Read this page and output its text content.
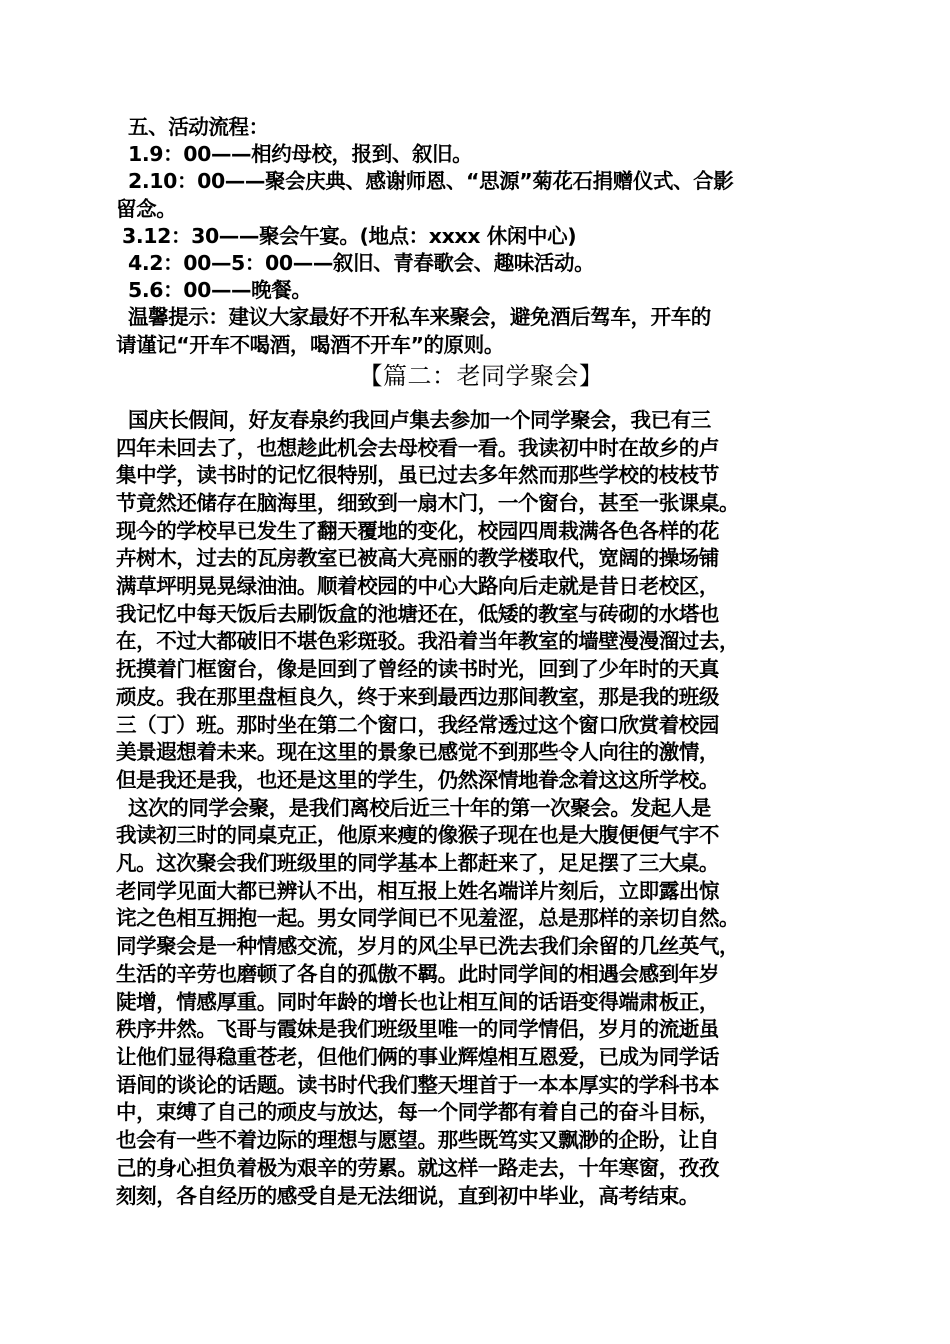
五、活动流程：

1.9：00——相约母校，报到、叙旧。

2.10：00——聚会庆典、感谢师恩、“思源”菊花石捐赠仪式、合影

留念。

3.12：30——聚会午宴。(地点：xxxx 休闲中心)

4.2：00—5：00——叙旧、青春歌会、趣味活动。

5.6：00——晚餐。

温馨提示：建议大家最好不开私车来聚会，避免酒后驾车，开车的

请谨记“开车不喝酒，喝酒不开车”的原则。

【篇二：老同学聚会】

国庆长假间，好友春泉约我回卢集去参加一个同学聚会，我已有三

四年未回去了，也想趁此机会去母校看一看。我读初中时在故乡的卢

集中学，读书时的记忆很特别，虽已过去多年然而那些学校的枝枝节

节竟然还储存在脑海里，细致到一扇木门，一个窗台，甚至一张课桌。

现今的学校早已发生了翻天覆地的变化，校园四周栽满各色各样的花

卉树木，过去的瓦房教室已被高大亮丽的教学楼取代，宽阔的操场铺

满草坪明晃晃绿油油。顺着校园的中心大路向后走就是昔日老校区，

我记忆中每天饭后去刷饭盒的池塘还在，低矮的教室与砖砌的水塔也

在，不过大都破旧不堪色彩斑驳。我沿着当年教室的墙壁漫漫溜过去，

抚摸着门框窗台，像是回到了曾经的读书时光，回到了少年时的天真

顽皮。我在那里盘桓良久，终于来到最西边那间教室，那是我的班级

三（丁）班。那时坐在第二个窗口，我经常透过这个窗口欣赏着校园

美景遐想着未来。现在这里的景象已感觉不到那些令人向往的激情，

但是我还是我，也还是这里的学生，仍然深情地眷念着这这所学校。

这次的同学会聚，是我们离校后近三十年的第一次聚会。发起人是

我读初三时的同桌克正，他原来瘦的像猴子现在也是大腹便便气宇不

凡。这次聚会我们班级里的同学基本上都赶来了，足足摆了三大桌。

老同学见面大都已辨认不出，相互报上姓名端详片刻后，立即露出惊

诧之色相互拥抱一起。男女同学间已不见羞涩，总是那样的亲切自然。

同学聚会是一种情感交流，岁月的风尘早已洗去我们余留的几丝英气，

生活的辛劳也磨顿了各自的孤傲不羁。此时同学间的相遇会感到年岁

陡增，情感厚重。同时年龄的增长也让相互间的话语变得端肃板正，

秩序井然。飞哥与霞妹是我们班级里唯一的同学情侣，岁月的流逝虽

让他们显得稳重苍老，但他们俩的事业辉煌相互恩爱，已成为同学话

语间的谈论的话题。读书时代我们整天埋首于一本本厚实的学科书本

中，束缚了自己的顽皮与放达，每一个同学都有着自己的奋斗目标，

也会有一些不着边际的理想与愿望。那些既笃实又飘渺的企盼，让自

己的身心担负着极为艰辛的劳累。就这样一路走去，十年寒窗，孜孜

刻刻，各自经历的感受自是无法细说，直到初中毕业，高考结束。
